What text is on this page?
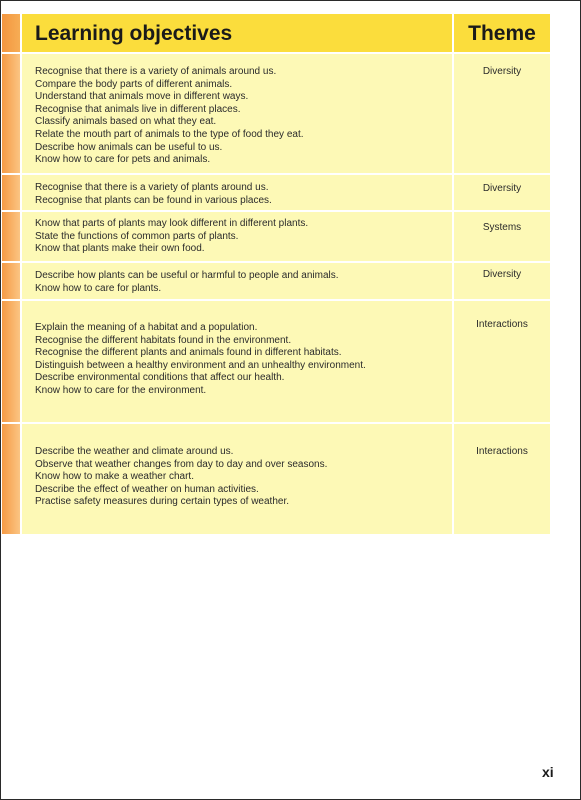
Learning objectives	Theme
Recognise that there is a variety of animals around us.
Compare the body parts of different animals.
Understand that animals move in different ways.
Recognise that animals live in different places.
Classify animals based on what they eat.
Relate the mouth part of animals to the type of food they eat.
Describe how animals can be useful to us.
Know how to care for pets and animals.
Diversity
Recognise that there is a variety of plants around us.
Recognise that plants can be found in various places.
Diversity
Know that parts of plants may look different in different plants.
State the functions of common parts of plants.
Know that plants make their own food.
Systems
Describe how plants can be useful or harmful to people and animals.
Know how to care for plants.
Diversity
Explain the meaning of a habitat and a population.
Recognise the different habitats found in the environment.
Recognise the different plants and animals found in different habitats.
Distinguish between a healthy environment and an unhealthy environment.
Describe environmental conditions that affect our health.
Know how to care for the environment.
Interactions
Describe the weather and climate around us.
Observe that weather changes from day to day and over seasons.
Know how to make a weather chart.
Describe the effect of weather on human activities.
Practise safety measures during certain types of weather.
Interactions
xi
